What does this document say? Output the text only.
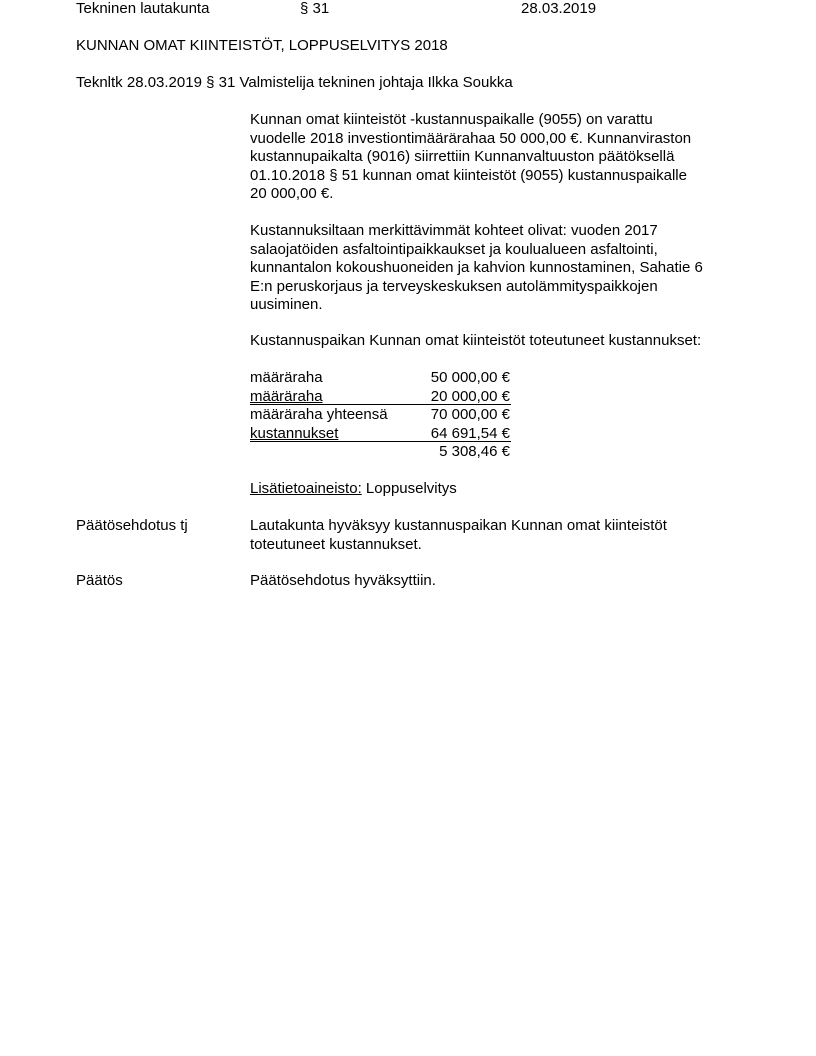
Tekninen lautakunta	§ 31	28.03.2019
KUNNAN OMAT KIINTEISTÖT, LOPPUSELVITYS 2018
Teknltk 28.03.2019 § 31 Valmistelija tekninen johtaja Ilkka Soukka
Kunnan omat kiinteistöt -kustannuspaikalle (9055) on varattu
vuodelle 2018 investiontimäärärahaa 50 000,00 €. Kunnanviraston
kustannupaikalta (9016) siirrettiin Kunnanvaltuuston päätöksellä
01.10.2018 § 51 kunnan omat kiinteistöt (9055) kustannuspaikalle
20 000,00 €.
Kustannuksiltaan merkittävimmät kohteet olivat: vuoden 2017
salaojatöiden asfaltointipaikkaukset ja koulualueen asfaltointi,
kunnantalon kokoushuoneiden ja kahvion kunnostaminen, Sahatie 6
E:n peruskorjaus ja terveyskeskuksen autolämmityspaikkojen
uusiminen.
Kustannuspaikan Kunnan omat kiinteistöt toteutuneet kustannukset:
määräraha	50 000,00 €
määräraha	20 000,00 €
määräraha yhteensä	70 000,00 €
kustannukset	64 691,54 €
5 308,46 €
Lisätietoaineisto: Loppuselvitys
Päätösehdotus tj	Lautakunta hyväksyy kustannuspaikan Kunnan omat kiinteistöt
toteutuneet kustannukset.
Päätös	Päätösehdotus hyväksyttiin.
